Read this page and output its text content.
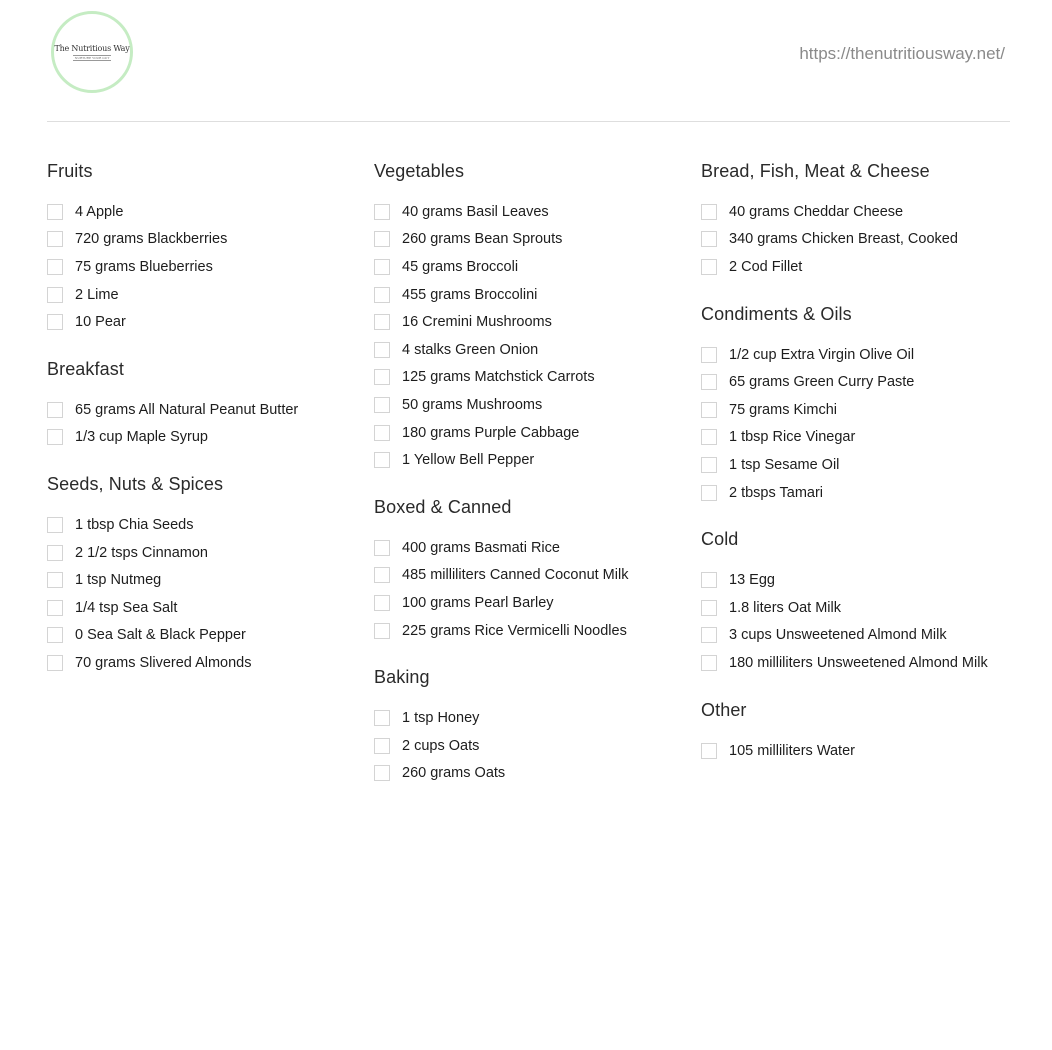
The Nutritious Way
NURTURE YOUR GUT	https://thenutritiousway.net/
Fruits
4 Apple
720 grams Blackberries
75 grams Blueberries
2 Lime
10 Pear
Breakfast
65 grams All Natural Peanut Butter
1/3 cup Maple Syrup
Seeds, Nuts & Spices
1 tbsp Chia Seeds
2 1/2 tsps Cinnamon
1 tsp Nutmeg
1/4 tsp Sea Salt
0 Sea Salt & Black Pepper
70 grams Slivered Almonds
Vegetables
40 grams Basil Leaves
260 grams Bean Sprouts
45 grams Broccoli
455 grams Broccolini
16 Cremini Mushrooms
4 stalks Green Onion
125 grams Matchstick Carrots
50 grams Mushrooms
180 grams Purple Cabbage
1 Yellow Bell Pepper
Boxed & Canned
400 grams Basmati Rice
485 milliliters Canned Coconut Milk
100 grams Pearl Barley
225 grams Rice Vermicelli Noodles
Baking
1 tsp Honey
2 cups Oats
260 grams Oats
Bread, Fish, Meat & Cheese
40 grams Cheddar Cheese
340 grams Chicken Breast, Cooked
2 Cod Fillet
Condiments & Oils
1/2 cup Extra Virgin Olive Oil
65 grams Green Curry Paste
75 grams Kimchi
1 tbsp Rice Vinegar
1 tsp Sesame Oil
2 tbsps Tamari
Cold
13 Egg
1.8 liters Oat Milk
3 cups Unsweetened Almond Milk
180 milliliters Unsweetened Almond Milk
Other
105 milliliters Water
